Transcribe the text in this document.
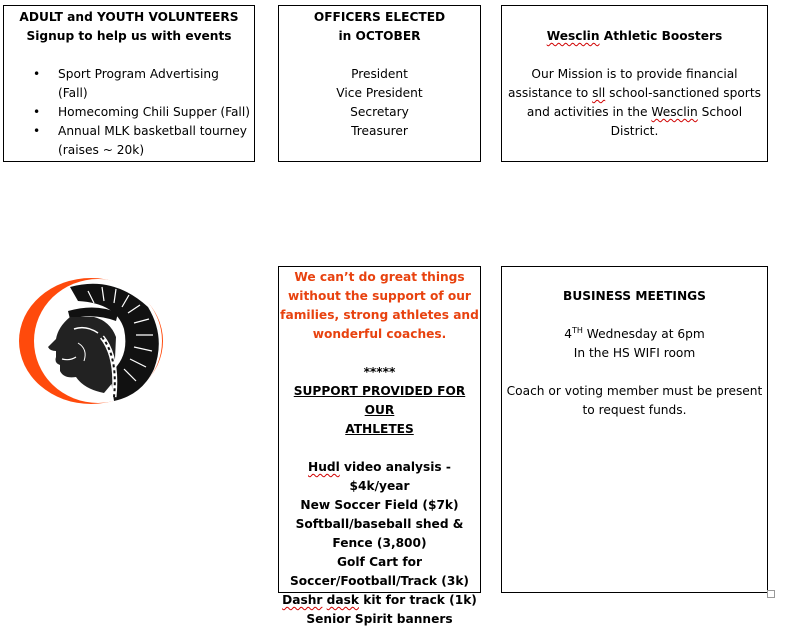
ADULT and YOUTH VOLUNTEERS

Signup to help us with events

• Sport Program Advertising
(Fall)
• Homecoming Chili Supper (Fall)
• Annual MLK basketball tourney
(raises ~ 20k)

OFFICERS ELECTED

in OCTOBER

President

Vice President

Secretary

Treasurer

Wesclin Athletic Boosters

Our Mission is to provide financial

assistance to sll school-sanctioned sports

and activities in the Wesclin School

District.

We can’t do great things

without the support of our

families, strong athletes and

wonderful coaches.

*****

SUPPORT PROVIDED FOR OUR

ATHLETES

Hudl video analysis - $4k/year

New Soccer Field ($7k)

Softball/baseball shed &

Fence (3,800)

Golf Cart for

Soccer/Football/Track (3k)

Dashr dask kit for track (1k)

Senior Spirit banners

BUSINESS MEETINGS

4TH Wednesday at 6pm

In the HS WIFI room

Coach or voting member must be present

to request funds.
